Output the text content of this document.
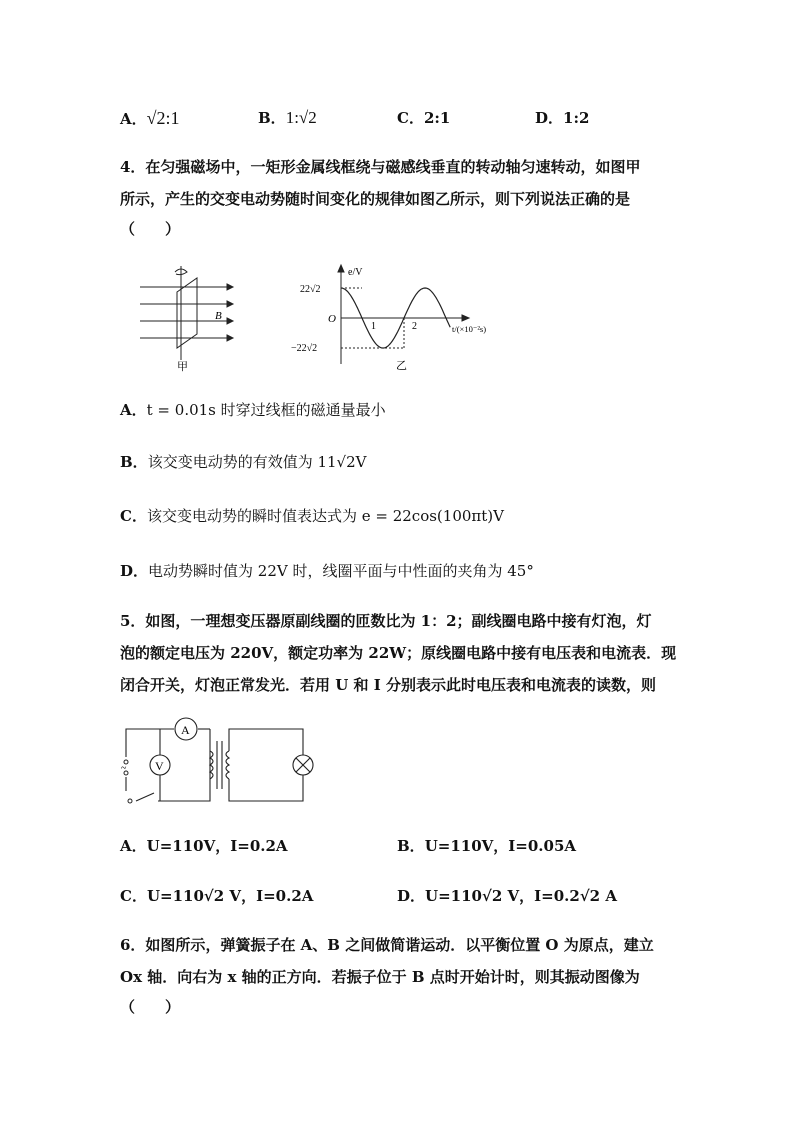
A．√2:1	B．1:√2	C．2:1	D．1:2
4．在匀强磁场中，一矩形金属线框绕与磁感线垂直的转动轴匀速转动，如图甲
所示，产生的交变电动势随时间变化的规律如图乙所示，则下列说法正确的是
（　　）
B
甲
e/V
22√2
O
−22√2
1	2	t/(×10⁻²s)
乙
A．t = 0.01s 时穿过线框的磁通量最小
B．该交变电动势的有效值为 11√2V
C．该交变电动势的瞬时值表达式为 e = 22cos(100πt)V
D．电动势瞬时值为 22V 时，线圈平面与中性面的夹角为 45°
5．如图，一理想变压器原副线圈的匝数比为 1：2；副线圈电路中接有灯泡，灯
泡的额定电压为 220V，额定功率为 22W；原线圈电路中接有电压表和电流表．现
闭合开关，灯泡正常发光．若用 U 和 I 分别表示此时电压表和电流表的读数，则
~ V
A
A．U=110V，I=0.2A	B．U=110V，I=0.05A
C．U=110√2 V，I=0.2A	D．U=110√2 V，I=0.2√2 A
6．如图所示，弹簧振子在 A、B 之间做简谐运动．以平衡位置 O 为原点，建立
Ox 轴．向右为 x 轴的正方向．若振子位于 B 点时开始计时，则其振动图像为
（　　）
